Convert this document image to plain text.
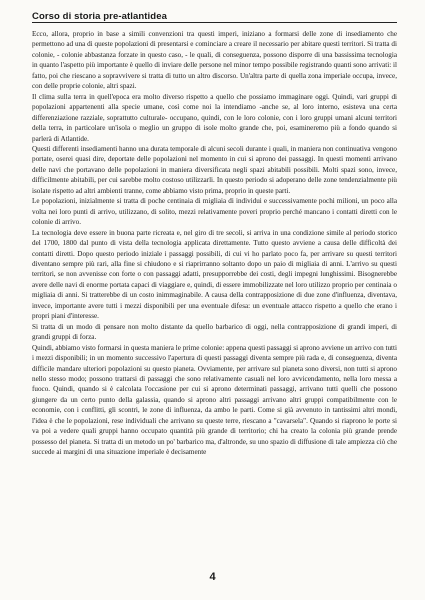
Corso di storia pre-atlantidea

Ecco, allora, proprio in base a simili convenzioni tra questi imperi, iniziano a formarsi delle zone di insediamento che permettono ad una di queste popolazioni di presentarsi e cominciare a creare il necessario per abitare questi territori. Si tratta di colonie, - colonie abbastanza forzate in questo caso, - le quali, di conseguenza, possono disporre di una bassissima tecnologia in quanto l'aspetto più importante è quello di inviare delle persone nel minor tempo possibile registrando quanti sono arrivati: il fatto, poi che riescano a sopravvivere si tratta di tutto un altro discorso. Un'altra parte di quella zona imperiale occupa, invece, con delle proprie colonie, altri spazi.

Il clima sulla terra in quell'epoca era molto diverso rispetto a quello che possiamo immaginare oggi. Quindi, vari gruppi di popolazioni appartenenti alla specie umane, così come noi la intendiamo -anche se, al loro interno, esisteva una certa differenziazione razziale, soprattutto culturale- occupano, quindi, con le loro colonie, con i loro gruppi umani alcuni territori della terra, in particolare un'isola o meglio un gruppo di isole molto grande che, poi, esamineremo più a fondo quando si parlerà di Atlantide.

Questi differenti insediamenti hanno una durata temporale di alcuni secoli durante i quali, in maniera non continuativa vengono portate, oserei quasi dire, deportate delle popolazioni nel momento in cui si aprono dei passaggi. In questi momenti arrivano delle navi che portavano delle popolazioni in maniera diversificata negli spazi abitabili possibili. Molti spazi sono, invece, difficilmente abitabili, per cui sarebbe molto costoso utilizzarli. In questo periodo si adoperano delle zone tendenzialmente più isolate rispetto ad altri ambienti tranne, come abbiamo visto prima, proprio in queste parti.

Le popolazioni, inizialmente si tratta di poche centinaia di migliaia di individui e successivamente pochi milioni, un poco alla volta nei loro punti di arrivo, utilizzano, di solito, mezzi relativamente poveri proprio perché mancano i contatti diretti con le colonie di arrivo.

La tecnologia deve essere in buona parte ricreata e, nel giro di tre secoli, si arriva in una condizione simile al periodo storico del 1700, 1800 dal punto di vista della tecnologia applicata direttamente. Tutto questo avviene a causa delle difficoltà dei contatti diretti. Dopo questo periodo iniziale i passaggi possibili, di cui vi ho parlato poco fa, per arrivare su questi territori diventano sempre più rari, alla fine si chiudono e si riaprirranno soltanto dopo un paio di migliaia di anni. L'arrivo su questi territori, se non avvenisse con forte o con passaggi adatti, presupporrebbe dei costi, degli impegni lunghissimi. Bisognerebbe avere delle navi di enorme portata capaci di viaggiare e, quindi, di essere immobilizzate nel loro utilizzo proprio per centinaia o migliaia di anni. Si tratterebbe di un costo inimmaginabile. A causa della contrapposizione di due zone d'influenza, diventava, invece, importante avere tutti i mezzi disponibili per una eventuale difesa: un eventuale attacco rispetto a quello che erano i propri piani d'interesse.

Si tratta di un modo di pensare non molto distante da quello barbarico di oggi, nella contrapposizione di grandi imperi, di grandi gruppi di forza.

Quindi, abbiamo visto formarsi in questa maniera le prime colonie: appena questi passaggi si aprono avviene un arrivo con tutti i mezzi disponibili; in un momento successivo l'apertura di questi passaggi diventa sempre più rada e, di conseguenza, diventa difficile mandare ulteriori popolazioni su questo pianeta. Ovviamente, per arrivare sul pianeta sono diversi, non tutti si aprono nello stesso modo; possono trattarsi di passaggi che sono relativamente casuali nel loro avvicendamento, nella loro messa a fuoco. Quindi, quando si è calcolata l'occasione per cui si aprono determinati passaggi, arrivano tutti quelli che possono giungere da un certo punto della galassia, quando si aprono altri passaggi arrivano altri gruppi compatibilmente con le economie, con i conflitti, gli scontri, le zone di influenza, da ambo le parti. Come si già avvenuto in tantissimi altri mondi, l'idea è che le popolazioni, rese individuali che arrivano su queste terre, riescano a "cavarsela". Quando si riaprono le porte si va poi a vedere quali gruppi hanno occupato quantità più grande di territorio; chi ha creato la colonia più grande prende possesso del pianeta. Si tratta di un metodo un po' barbarico ma, d'altronde, su uno spazio di diffusione di tale ampiezza ciò che succede ai margini di una situazione imperiale è decisamente

4
